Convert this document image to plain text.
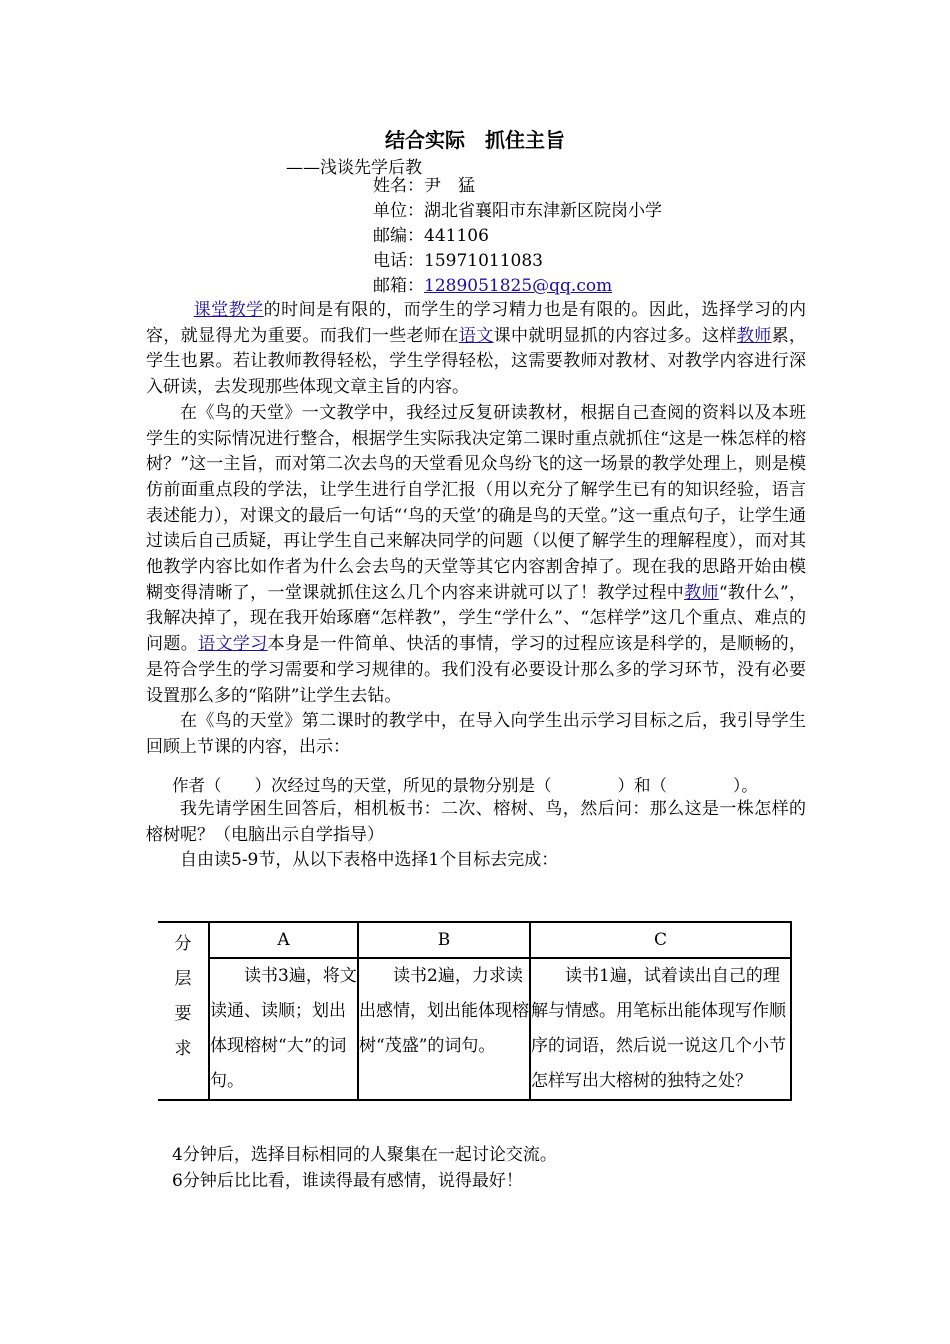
结合实际　抓住主旨
——浅谈先学后教
姓名：尹　猛
单位：湖北省襄阳市东津新区院岗小学
邮编：441106
电话：15971011083
邮箱：1289051825@qq.com

课堂教学的时间是有限的，而学生的学习精力也是有限的。因此，选择学习的内容，就显得尤为重要。而我们一些老师在语文课中就明显抓的内容过多。这样教师累，学生也累。若让教师教得轻松，学生学得轻松，这需要教师对教材、对教学内容进行深入研读，去发现那些体现文章主旨的内容。

在《鸟的天堂》一文教学中，我经过反复研读教材，根据自己查阅的资料以及本班学生的实际情况进行整合，根据学生实际我决定第二课时重点就抓住“这是一株怎样的榕树？”这一主旨，而对第二次去鸟的天堂看见众鸟纷飞的这一场景的教学处理上，则是模仿前面重点段的学法，让学生进行自学汇报（用以充分了解学生已有的知识经验，语言表述能力），对课文的最后一句话“‘鸟的天堂’的确是鸟的天堂。”这一重点句子，让学生通过读后自己质疑，再让学生自己来解决同学的问题（以便了解学生的理解程度），而对其他教学内容比如作者为什么会去鸟的天堂等其它内容割舍掉了。现在我的思路开始由模糊变得清晰了，一堂课就抓住这么几个内容来讲就可以了！教学过程中教师“教什么”，我解决掉了，现在我开始琢磨“怎样教”，学生“学什么”、“怎样学”这几个重点、难点的问题。语文学习本身是一件简单、快活的事情，学习的过程应该是科学的，是顺畅的，是符合学生的学习需要和学习规律的。我们没有必要设计那么多的学习环节，没有必要设置那么多的“陷阱”让学生去钻。

在《鸟的天堂》第二课时的教学中，在导入向学生出示学习目标之后，我引导学生回顾上节课的内容，出示：

作者（　　）次经过鸟的天堂，所见的景物分别是（　　　　）和（　　　　）。

我先请学困生回答后，相机板书：二次、榕树、鸟，然后问：那么这是一株怎样的榕树呢？（电脑出示自学指导）

自由读5-9节，从以下表格中选择1个目标去完成：

分
层
要
求	A	B	C
	　　读书3遍，将文读通、读顺；划出体现榕树“大”的词句。	　　读书2遍，力求读出感情，划出能体现榕树“茂盛”的词句。	　　读书1遍，试着读出自己的理解与情感。用笔标出能体现写作顺序的词语，然后说一说这几个小节怎样写出大榕树的独特之处？
4分钟后，选择目标相同的人聚集在一起讨论交流。
6分钟后比比看，谁读得最有感情，说得最好！
